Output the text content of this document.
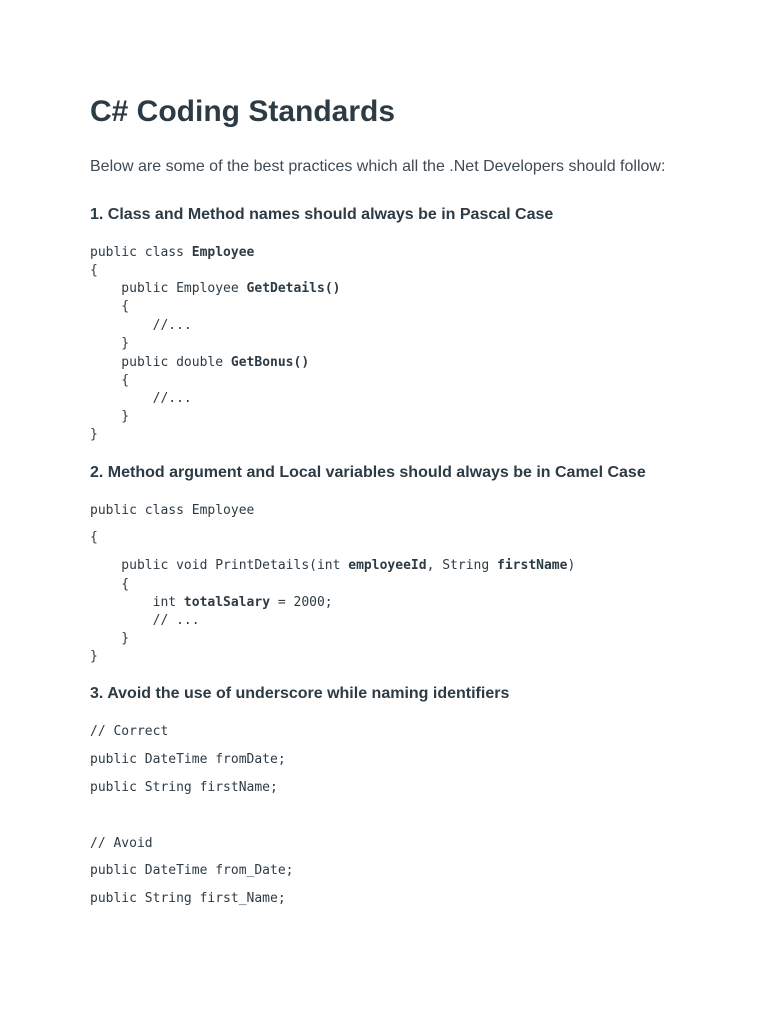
C# Coding Standards

Below are some of the best practices which all the .Net Developers should follow:

1. Class and Method names should always be in Pascal Case
public class Employee
{
public Employee GetDetails()
{
//...
}
public double GetBonus()
{
//...
}
}
2. Method argument and Local variables should always be in Camel Case
public class Employee
{
public void PrintDetails(int employeeId, String firstName)
{
int totalSalary = 2000;
// ...
}
}
3. Avoid the use of underscore while naming identifiers
// Correct
public DateTime fromDate;
public String firstName;
// Avoid
public DateTime from_Date;
public String first_Name;
